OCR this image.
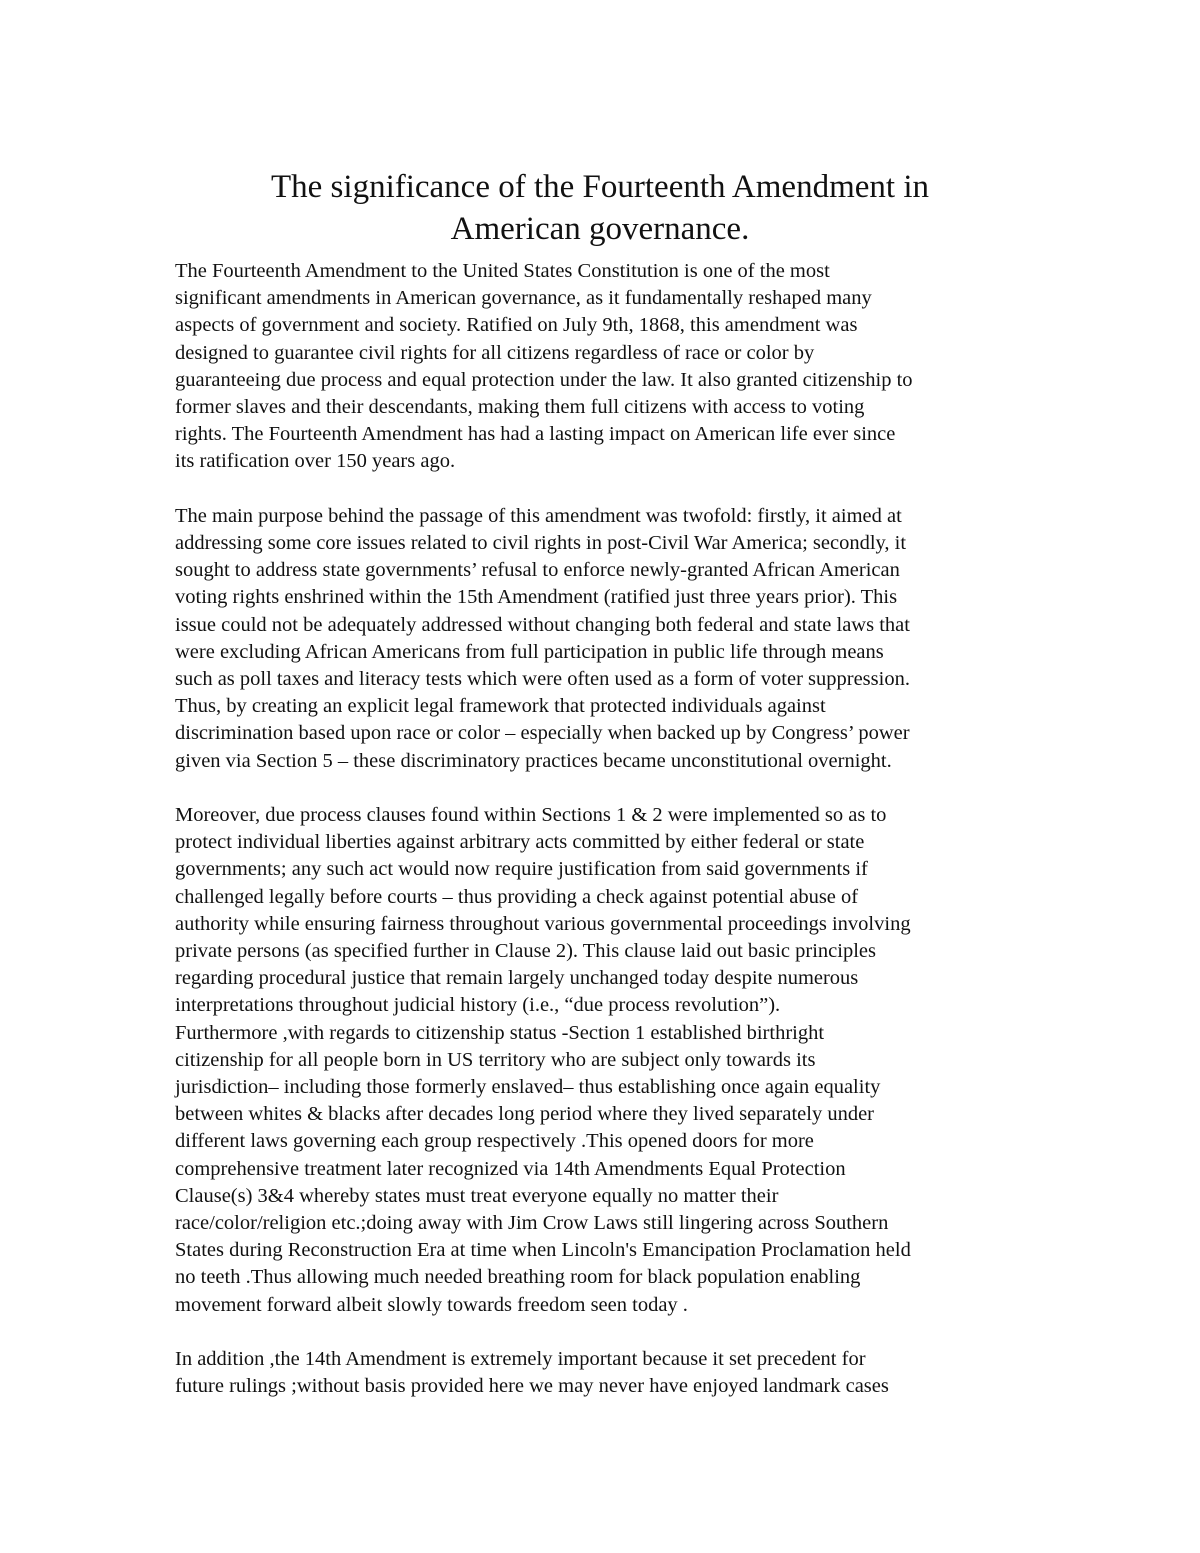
The significance of the Fourteenth Amendment in
American governance.

The Fourteenth Amendment to the United States Constitution is one of the most
significant amendments in American governance, as it fundamentally reshaped many
aspects of government and society. Ratified on July 9th, 1868, this amendment was
designed to guarantee civil rights for all citizens regardless of race or color by
guaranteeing due process and equal protection under the law. It also granted citizenship to
former slaves and their descendants, making them full citizens with access to voting
rights. The Fourteenth Amendment has had a lasting impact on American life ever since
its ratification over 150 years ago.

The main purpose behind the passage of this amendment was twofold: firstly, it aimed at
addressing some core issues related to civil rights in post-Civil War America; secondly, it
sought to address state governments’ refusal to enforce newly-granted African American
voting rights enshrined within the 15th Amendment (ratified just three years prior). This
issue could not be adequately addressed without changing both federal and state laws that
were excluding African Americans from full participation in public life through means
such as poll taxes and literacy tests which were often used as a form of voter suppression.
Thus, by creating an explicit legal framework that protected individuals against
discrimination based upon race or color – especially when backed up by Congress’ power
given via Section 5 – these discriminatory practices became unconstitutional overnight.

Moreover, due process clauses found within Sections 1 & 2 were implemented so as to
protect individual liberties against arbitrary acts committed by either federal or state
governments; any such act would now require justification from said governments if
challenged legally before courts – thus providing a check against potential abuse of
authority while ensuring fairness throughout various governmental proceedings involving
private persons (as specified further in Clause 2). This clause laid out basic principles
regarding procedural justice that remain largely unchanged today despite numerous
interpretations throughout judicial history (i.e., “due process revolution”).
Furthermore ,with regards to citizenship status -Section 1 established birthright
citizenship for all people born in US territory who are subject only towards its
jurisdiction– including those formerly enslaved– thus establishing once again equality
between whites & blacks after decades long period where they lived separately under
different laws governing each group respectively .This opened doors for more
comprehensive treatment later recognized via 14th Amendments Equal Protection
Clause(s) 3&4 whereby states must treat everyone equally no matter their
race/color/religion etc.;doing away with Jim Crow Laws still lingering across Southern
States during Reconstruction Era at time when Lincoln's Emancipation Proclamation held
no teeth .Thus allowing much needed breathing room for black population enabling
movement forward albeit slowly towards freedom seen today .

In addition ,the 14th Amendment is extremely important because it set precedent for
future rulings ;without basis provided here we may never have enjoyed landmark cases
